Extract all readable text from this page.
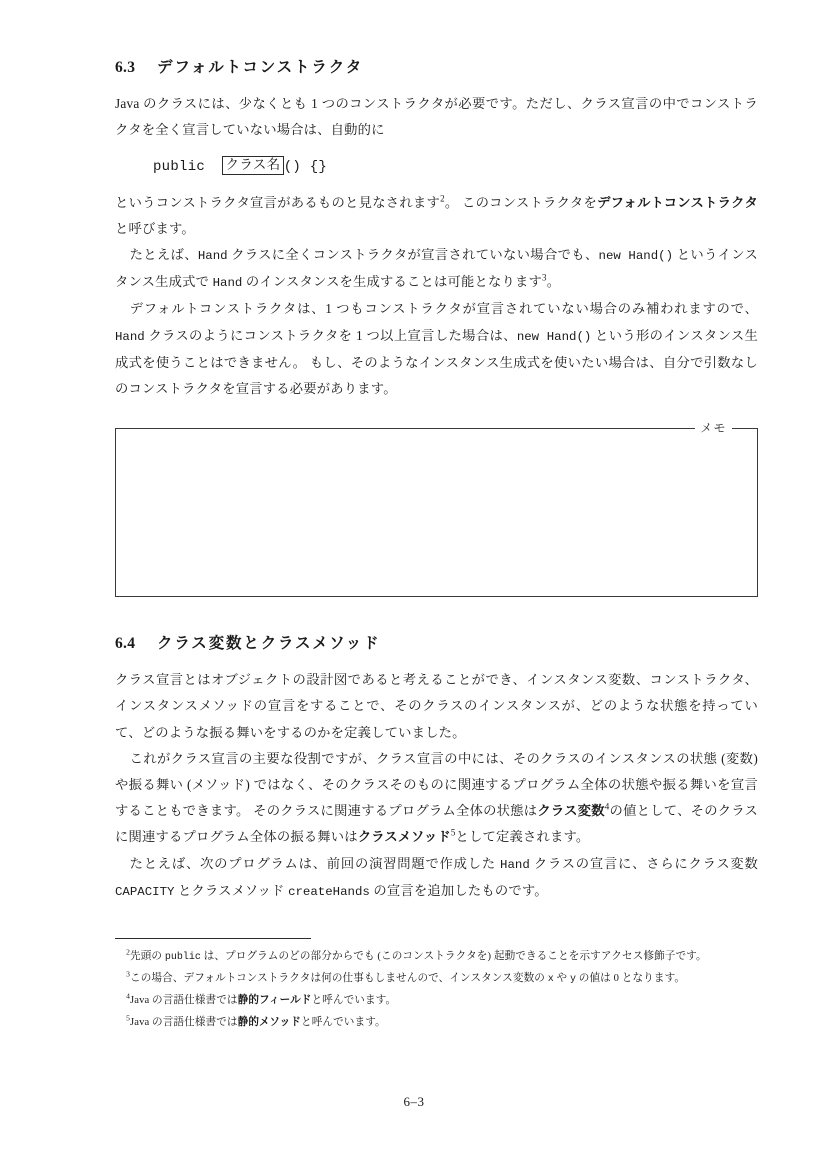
6.3 デフォルトコンストラクタ

Java のクラスには、少なくとも 1 つのコンストラクタが必要です。ただし、クラス宣言の中でコンストラクタを全く宣言していない場合は、自動的に

public クラス名 () {}

というコンストラクタ宣言があるものと見なされます$^2$。 このコンストラクタをデフォルトコンストラクタと呼びます。

たとえば、Hand クラスに全くコンストラクタが宣言されていない場合でも、new Hand() というインスタンス生成式で Hand のインスタンスを生成することは可能となります$^3$。

デフォルトコンストラクタは、1 つもコンストラクタが宣言されていない場合のみ補われますので、Hand クラスのようにコンストラクタを 1 つ以上宣言した場合は、new Hand() という形のインスタンス生成式を使うことはできません。 もし、そのようなインスタンス生成式を使いたい場合は、自分で引数なしのコンストラクタを宣言する必要があります。

メモ
6.4 クラス変数とクラスメソッド

クラス宣言とはオブジェクトの設計図であると考えることができ、インスタンス変数、コンストラクタ、インスタンスメソッドの宣言をすることで、そのクラスのインスタンスが、どのような状態を持っていて、どのような振る舞いをするのかを定義していました。

これがクラス宣言の主要な役割ですが、クラス宣言の中には、そのクラスのインスタンスの状態 (変数) や振る舞い (メソッド) ではなく、そのクラスそのものに関連するプログラム全体の状態や振る舞いを宣言することもできます。 そのクラスに関連するプログラム全体の状態はクラス変数$^4$の値として、そのクラスに関連するプログラム全体の振る舞いはクラスメソッド$^5$として定義されます。

たとえば、次のプログラムは、前回の演習問題で作成した Hand クラスの宣言に、さらにクラス変数 CAPACITY とクラスメソッド createHands の宣言を追加したものです。

$^2$先頭の public は、プログラムのどの部分からでも (このコンストラクタを) 起動できることを示すアクセス修飾子です。

$^3$この場合、デフォルトコンストラクタは何の仕事もしませんので、インスタンス変数の x や y の値は 0 となります。

$^4$Java の言語仕様書では静的フィールドと呼んでいます。

$^5$Java の言語仕様書では静的メソッドと呼んでいます。

6–3
